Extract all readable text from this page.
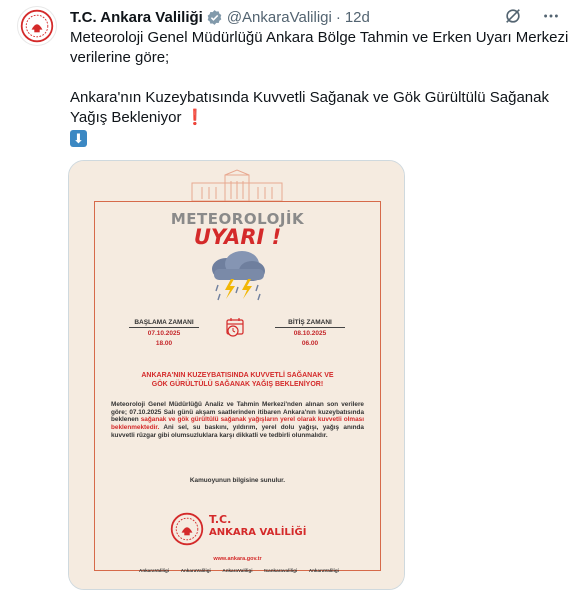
T.C. Ankara Valiliği @AnkaraValiligi · 12d

Meteoroloji Genel Müdürlüğü Ankara Bölge Tahmin ve Erken Uyarı Merkezi

verilerine göre;

Ankara'nın Kuzeybatısında Kuvvetli Sağanak ve Gök Gürültülü Sağanak

Yağış Bekleniyor ❗

⬇

METEOROLOJİK
UYARI !
BAŞLAMA ZAMANI
07.10.2025
18.00
BİTİŞ ZAMANI
08.10.2025
06.00
ANKARA'NIN KUZEYBATISINDA KUVVETLİ SAĞANAK VE
GÖK GÜRÜLTÜLÜ SAĞANAK YAĞIŞ BEKLENİYOR!
Meteoroloji Genel Müdürlüğü Analiz ve Tahmin Merkezi'nden alınan son verilere göre; 07.10.2025 Salı günü akşam saatlerinden itibaren Ankara'nın kuzeybatısında beklenen sağanak ve gök gürültülü sağanak yağışların yerel olarak kuvvetli olması beklenmektedir. Ani sel, su baskını, yıldırım, yerel dolu yağışı, yağış anında kuvvetli rüzgar gibi olumsuzluklara karşı dikkatli ve tedbirli olunmalıdır.
Kamuoyunun bilgisine sunulur.
T.C.
ANKARA VALİLİĞİ
www.ankara.gov.tr
AnkaraValiligi	AnkaraValiligi	AnkaraValiligi	tcankaravaliligi	AnkaraValiligi
